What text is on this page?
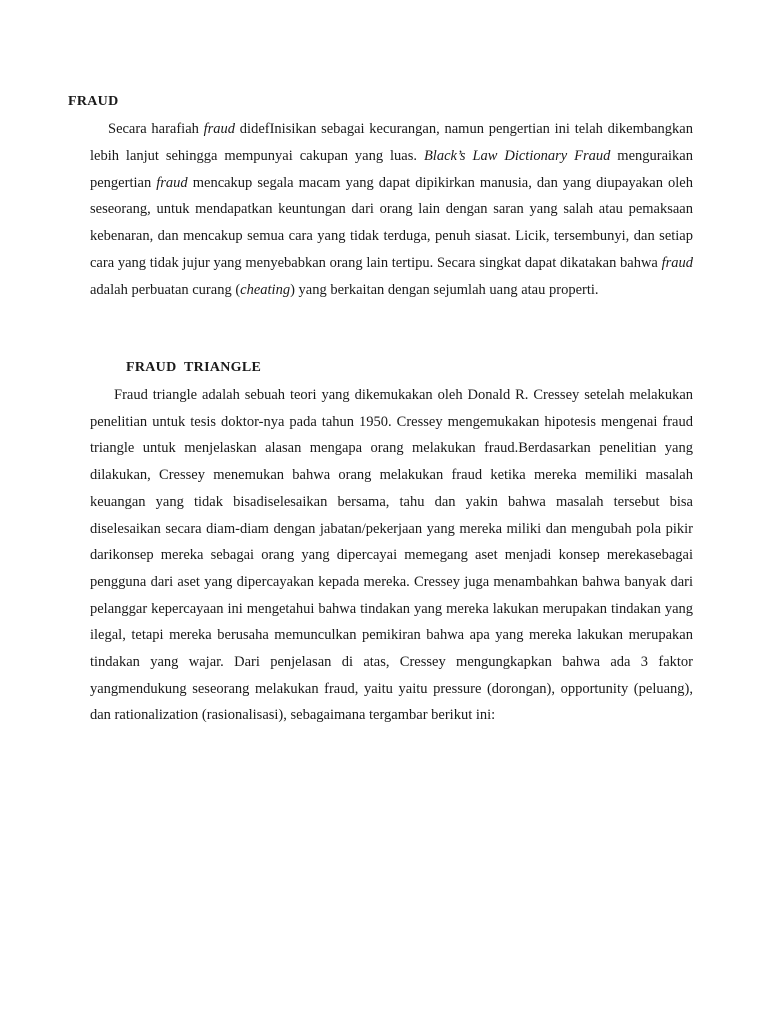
FRAUD

Secara harafiah fraud didefInisikan sebagai kecurangan, namun pengertian ini telah dikembangkan lebih lanjut sehingga mempunyai cakupan yang luas. Black’s Law Dictionary Fraud menguraikan pengertian fraud mencakup segala macam yang dapat dipikirkan manusia, dan yang diupayakan oleh seseorang, untuk mendapatkan keuntungan dari orang lain dengan saran yang salah atau pemaksaan kebenaran, dan mencakup semua cara yang tidak terduga, penuh siasat. Licik, tersembunyi, dan setiap cara yang tidak jujur yang menyebabkan orang lain tertipu. Secara singkat dapat dikatakan bahwa fraud adalah perbuatan curang (cheating) yang berkaitan dengan sejumlah uang atau properti.

FRAUD TRIANGLE

Fraud triangle adalah sebuah teori yang dikemukakan oleh Donald R. Cressey setelah melakukan penelitian untuk tesis doktor-nya pada tahun 1950. Cressey mengemukakan hipotesis mengenai fraud triangle untuk menjelaskan alasan mengapa orang melakukan fraud.Berdasarkan penelitian yang dilakukan, Cressey menemukan bahwa orang melakukan fraud ketika mereka memiliki masalah keuangan yang tidak bisadiselesaikan bersama, tahu dan yakin bahwa masalah tersebut bisa diselesaikan secara diam-diam dengan jabatan/pekerjaan yang mereka miliki dan mengubah pola pikir darikonsep mereka sebagai orang yang dipercayai memegang aset menjadi konsep merekasebagai pengguna dari aset yang dipercayakan kepada mereka. Cressey juga menambahkan bahwa banyak dari pelanggar kepercayaan ini mengetahui bahwa tindakan yang mereka lakukan merupakan tindakan yang ilegal, tetapi mereka berusaha memunculkan pemikiran bahwa apa yang mereka lakukan merupakan tindakan yang wajar. Dari penjelasan di atas, Cressey mengungkapkan bahwa ada 3 faktor yangmendukung seseorang melakukan fraud, yaitu yaitu pressure (dorongan), opportunity (peluang), dan rationalization (rasionalisasi), sebagaimana tergambar berikut ini:
